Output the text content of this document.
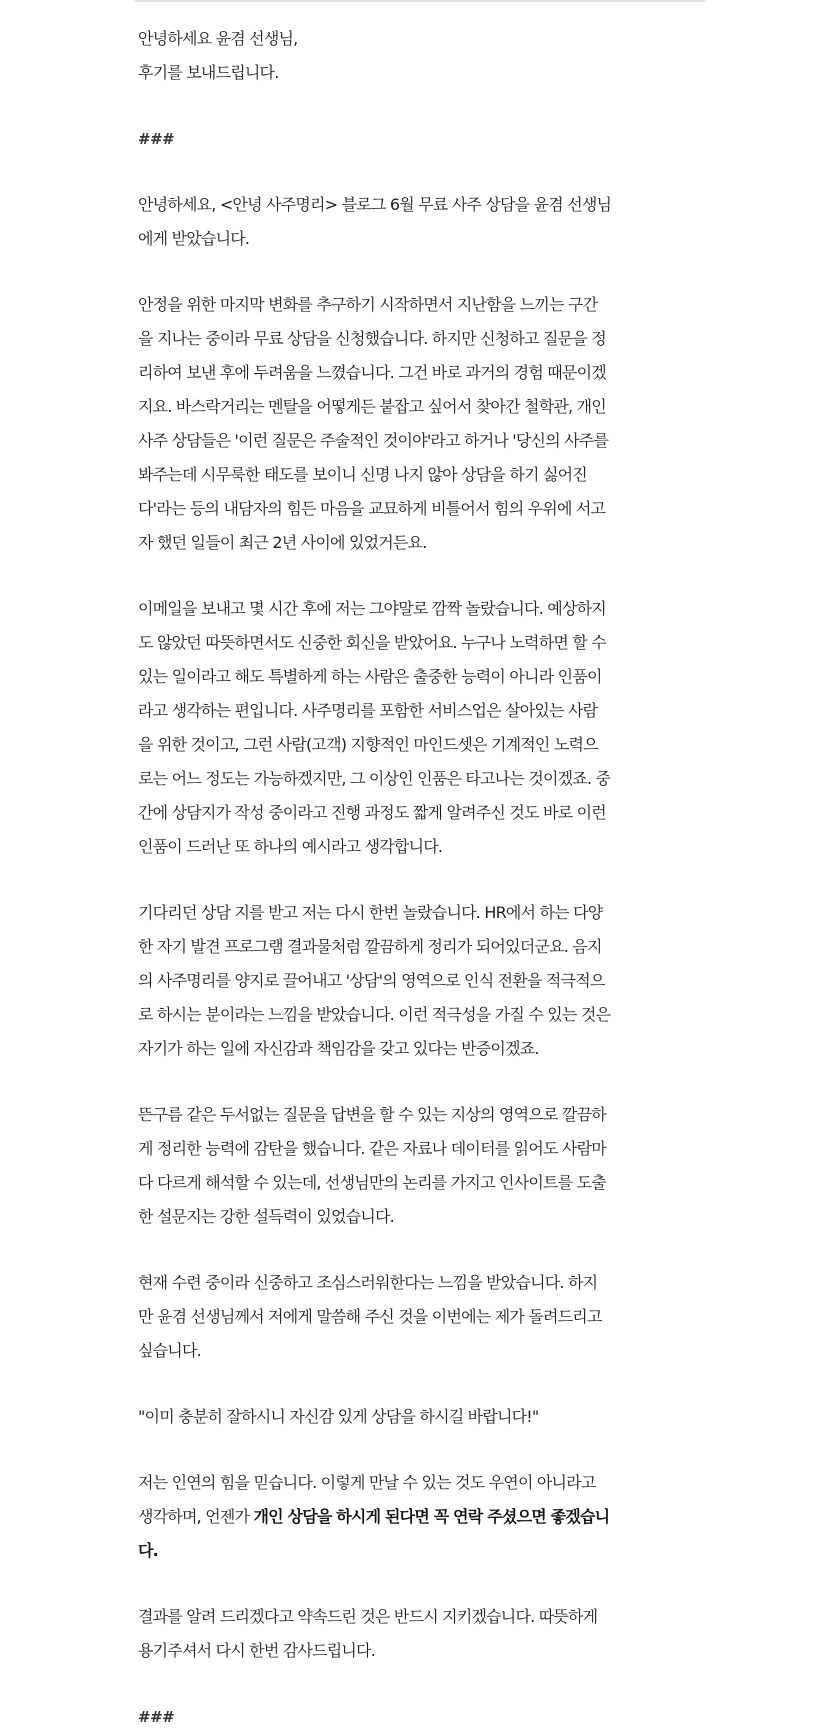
안녕하세요 윤겸 선생님,
후기를 보내드립니다.

###

안녕하세요, <안녕 사주명리> 블로그 6월 무료 사주 상담을 윤겸 선생님
에게 받았습니다.

안정을 위한 마지막 변화를 추구하기 시작하면서 지난함을 느끼는 구간
을 지나는 중이라 무료 상담을 신청했습니다. 하지만 신청하고 질문을 정
리하여 보낸 후에 두려움을 느꼈습니다. 그건 바로 과거의 경험 때문이겠
지요. 바스락거리는 멘탈을 어떻게든 붙잡고 싶어서 찾아간 철학관, 개인
사주 상담들은 '이런 질문은 주술적인 것이야'라고 하거나 '당신의 사주를
봐주는데 시무룩한 태도를 보이니 신명 나지 않아 상담을 하기 싫어진
다'라는 등의 내담자의 힘든 마음을 교묘하게 비틀어서 힘의 우위에 서고
자 했던 일들이 최근 2년 사이에 있었거든요.

이메일을 보내고 몇 시간 후에 저는 그야말로 깜짝 놀랐습니다. 예상하지
도 않았던 따뜻하면서도 신중한 회신을 받았어요. 누구나 노력하면 할 수
있는 일이라고 해도 특별하게 하는 사람은 출중한 능력이 아니라 인품이
라고 생각하는 편입니다. 사주명리를 포함한 서비스업은 살아있는 사람
을 위한 것이고, 그런 사람(고객) 지향적인 마인드셋은 기계적인 노력으
로는 어느 정도는 가능하겠지만, 그 이상인 인품은 타고나는 것이겠죠. 중
간에 상담지가 작성 중이라고 진행 과정도 짧게 알려주신 것도 바로 이런
인품이 드러난 또 하나의 예시라고 생각합니다.

기다리던 상담 지를 받고 저는 다시 한번 놀랐습니다. HR에서 하는 다양
한 자기 발견 프로그램 결과물처럼 깔끔하게 정리가 되어있더군요. 음지
의 사주명리를 양지로 끌어내고 '상담'의 영역으로 인식 전환을 적극적으
로 하시는 분이라는 느낌을 받았습니다. 이런 적극성을 가질 수 있는 것은
자기가 하는 일에 자신감과 책임감을 갖고 있다는 반증이겠죠.

뜬구름 같은 두서없는 질문을 답변을 할 수 있는 지상의 영역으로 깔끔하
게 정리한 능력에 감탄을 했습니다. 같은 자료나 데이터를 읽어도 사람마
다 다르게 해석할 수 있는데, 선생님만의 논리를 가지고 인사이트를 도출
한 설문지는 강한 설득력이 있었습니다.

현재 수련 중이라 신중하고 조심스러워한다는 느낌을 받았습니다. 하지
만 윤겸 선생님께서 저에게 말씀해 주신 것을 이번에는 제가 돌려드리고
싶습니다.

"이미 충분히 잘하시니 자신감 있게 상담을 하시길 바랍니다!"

저는 인연의 힘을 믿습니다. 이렇게 만날 수 있는 것도 우연이 아니라고
생각하며, 언젠가 개인 상담을 하시게 된다면 꼭 연락 주셨으면 좋겠습니
다.

결과를 알려 드리겠다고 약속드린 것은 반드시 지키겠습니다. 따뜻하게
용기주셔서 다시 한번 감사드립니다.

###
